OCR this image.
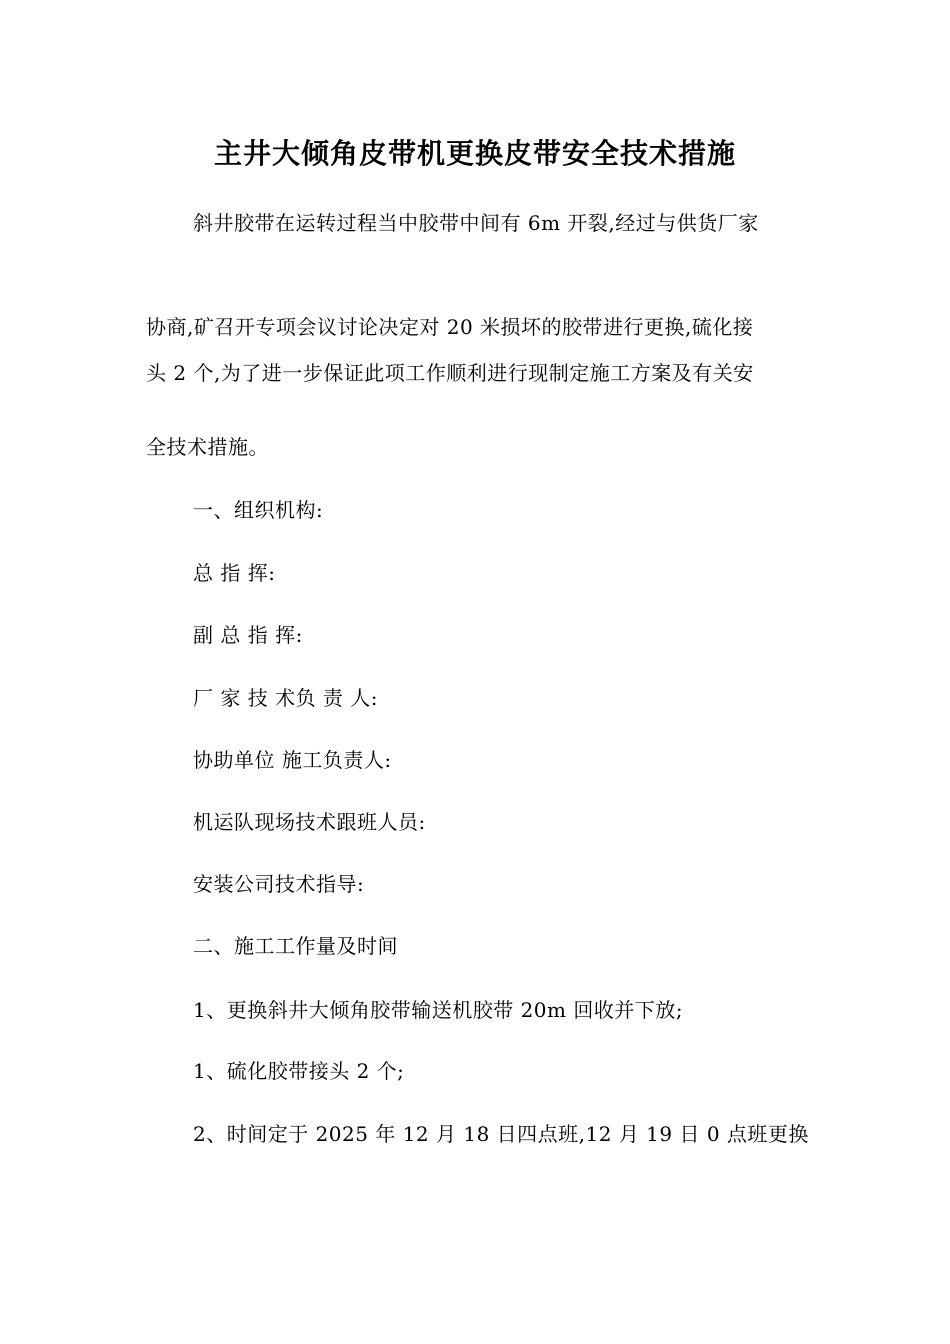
主井大倾角皮带机更换皮带安全技术措施
斜井胶带在运转过程当中胶带中间有 6m 开裂,经过与供货厂家
协商,矿召开专项会议讨论决定对 20 米损坏的胶带进行更换,硫化接
头 2 个,为了进一步保证此项工作顺利进行现制定施工方案及有关安
全技术措施。
一、组织机构:
总 指 挥:
副 总 指 挥:
厂 家 技 术负 责 人:
协助单位 施工负责人:
机运队现场技术跟班人员:
安装公司技术指导:
二、施工工作量及时间
1、更换斜井大倾角胶带输送机胶带 20m 回收并下放;
1、硫化胶带接头 2 个;
2、时间定于 2025 年 12 月 18 日四点班,12 月 19 日 0 点班更换
